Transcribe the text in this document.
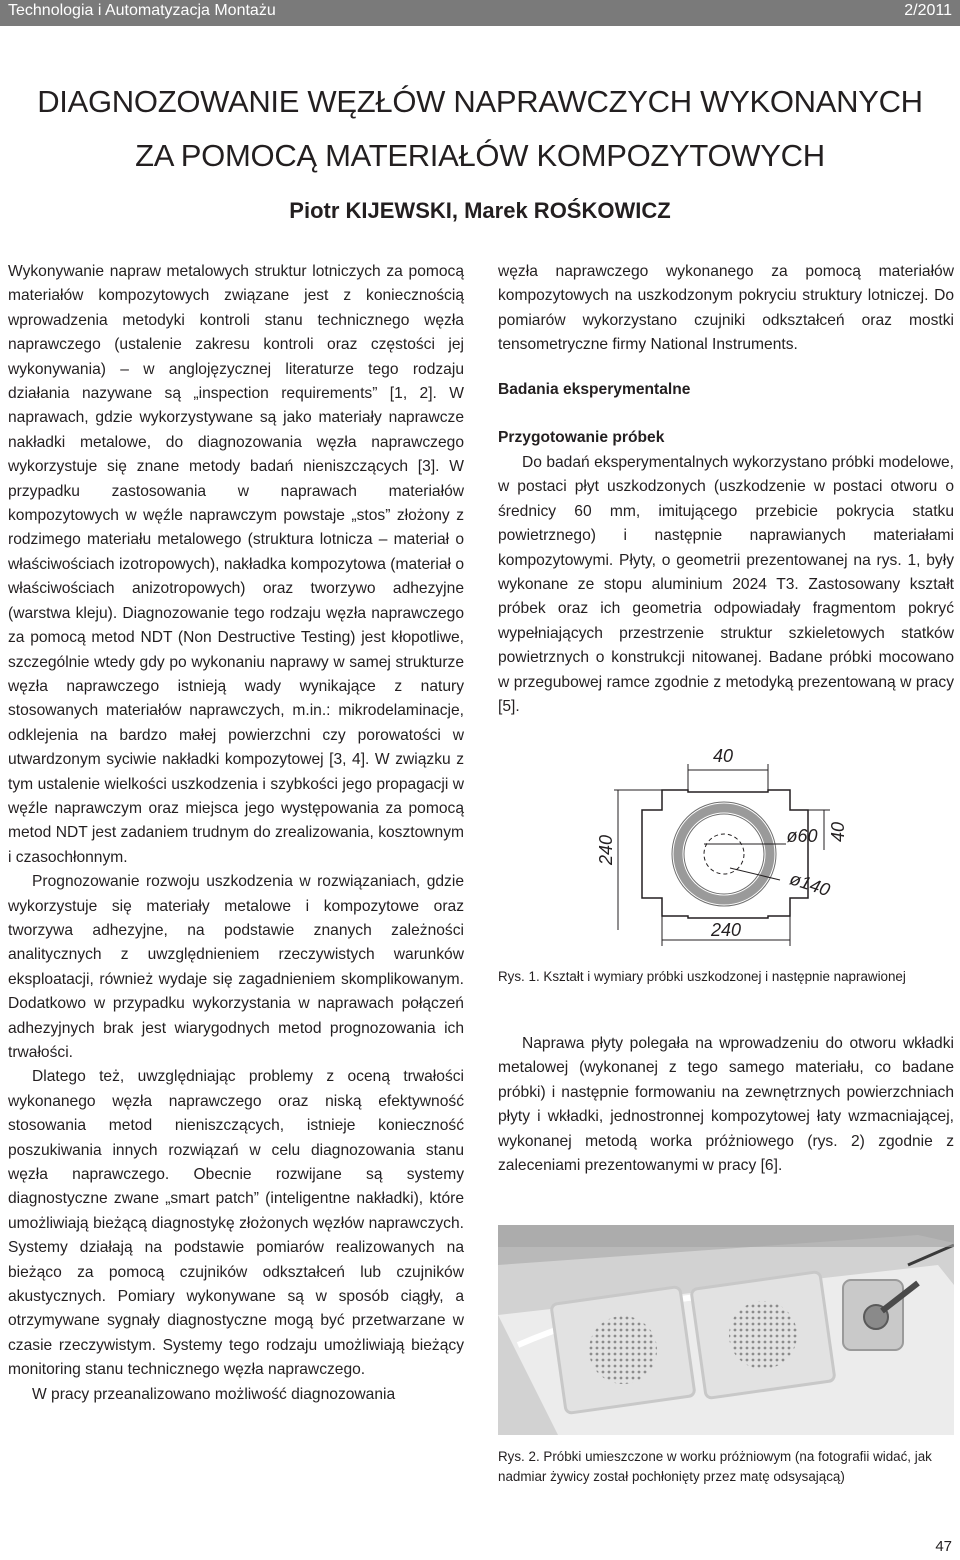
Technologia i Automatyzacja Montażu	2/2011
DIAGNOZOWANIE WĘZŁÓW NAPRAWCZYCH WYKONANYCH
ZA POMOCĄ MATERIAŁÓW KOMPOZYTOWYCH
Piotr KIJEWSKI, Marek ROŚKOWICZ

Wykonywanie napraw metalowych struktur lotniczych za pomocą materiałów kompozytowych związane jest z koniecznością wprowadzenia metodyki kontroli stanu technicznego węzła naprawczego (ustalenie zakresu kontroli oraz częstości jej wykonywania) – w anglojęzycznej literaturze tego rodzaju działania nazywane są „inspection requirements” [1, 2]. W naprawach, gdzie wykorzystywane są jako materiały naprawcze nakładki metalowe, do diagnozowania węzła naprawczego wykorzystuje się znane metody badań nieniszczących [3]. W przypadku zastosowania w naprawach materiałów kompozytowych w węźle naprawczym powstaje „stos” złożony z rodzimego materiału metalowego (struktura lotnicza – materiał o właściwościach izotropowych), nakładka kompozytowa (materiał o właściwościach anizotropowych) oraz tworzywo adhezyjne (warstwa kleju). Diagnozowanie tego rodzaju węzła naprawczego za pomocą metod NDT (Non Destructive Testing) jest kłopotliwe, szczególnie wtedy gdy po wykonaniu naprawy w samej strukturze węzła naprawczego istnieją wady wynikające z natury stosowanych materiałów naprawczych, m.in.: mikrodelaminacje, odklejenia na bardzo małej powierzchni czy porowatości w utwardzonym syciwie nakładki kompozytowej [3, 4]. W związku z tym ustalenie wielkości uszkodzenia i szybkości jego propagacji w węźle naprawczym oraz miejsca jego występowania za pomocą metod NDT jest zadaniem trudnym do zrealizowania, kosztownym i czasochłonnym.

Prognozowanie rozwoju uszkodzenia w rozwiązaniach, gdzie wykorzystuje się materiały metalowe i kompozytowe oraz tworzywa adhezyjne, na podstawie znanych zależności analitycznych z uwzględnieniem rzeczywistych warunków eksploatacji, również wydaje się zagadnieniem skomplikowanym. Dodatkowo w przypadku wykorzystania w naprawach połączeń adhezyjnych brak jest wiarygodnych metod prognozowania ich trwałości.

Dlatego też, uwzględniając problemy z oceną trwałości wykonanego węzła naprawczego oraz niską efektywność stosowania metod nieniszczących, istnieje konieczność poszukiwania innych rozwiązań w celu diagnozowania stanu węzła naprawczego. Obecnie rozwijane są systemy diagnostyczne zwane „smart patch” (inteligentne nakładki), które umożliwiają bieżącą diagnostykę złożonych węzłów naprawczych. Systemy działają na podstawie pomiarów realizowanych na bieżąco za pomocą czujników odkształceń lub czujników akustycznych. Pomiary wykonywane są w sposób ciągły, a otrzymywane sygnały diagnostyczne mogą być przetwarzane w czasie rzeczywistym. Systemy tego rodzaju umożliwiają bieżący monitoring stanu technicznego węzła naprawczego.

W pracy przeanalizowano możliwość diagnozowania

węzła naprawczego wykonanego za pomocą materiałów kompozytowych na uszkodzonym pokryciu struktury lotniczej. Do pomiarów wykorzystano czujniki odkształceń oraz mostki tensometryczne firmy National Instruments.

Badania eksperymentalne
Przygotowanie próbek

Do badań eksperymentalnych wykorzystano próbki modelowe, w postaci płyt uszkodzonych (uszkodzenie w postaci otworu o średnicy 60 mm, imitującego przebicie pokrycia statku powietrznego) i następnie naprawianych materiałami kompozytowymi. Płyty, o geometrii prezentowanej na rys. 1, były wykonane ze stopu aluminium 2024 T3. Zastosowany kształt próbek oraz ich geometria odpowiadały fragmentom pokryć wypełniających przestrzenie struktur szkieletowych statków powietrznych o konstrukcji nitowanej. Badane próbki mocowano w przegubowej ramce zgodnie z metodyką prezentowaną w pracy [5].

40
240	ø60 40
ø140
240
Rys. 1. Kształt i wymiary próbki uszkodzonej i następnie naprawionej

Naprawa płyty polegała na wprowadzeniu do otworu wkładki metalowej (wykonanej z tego samego materiału, co badane próbki) i następnie formowaniu na zewnętrznych powierzchniach płyty i wkładki, jednostronnej kompozytowej łaty wzmacniającej, wykonanej metodą worka próżniowego (rys. 2) zgodnie z zaleceniami prezentowanymi w pracy [6].

Rys. 2. Próbki umieszczone w worku próżniowym (na fotografii widać, jak nadmiar żywicy został pochłonięty przez matę odsysającą)
47
